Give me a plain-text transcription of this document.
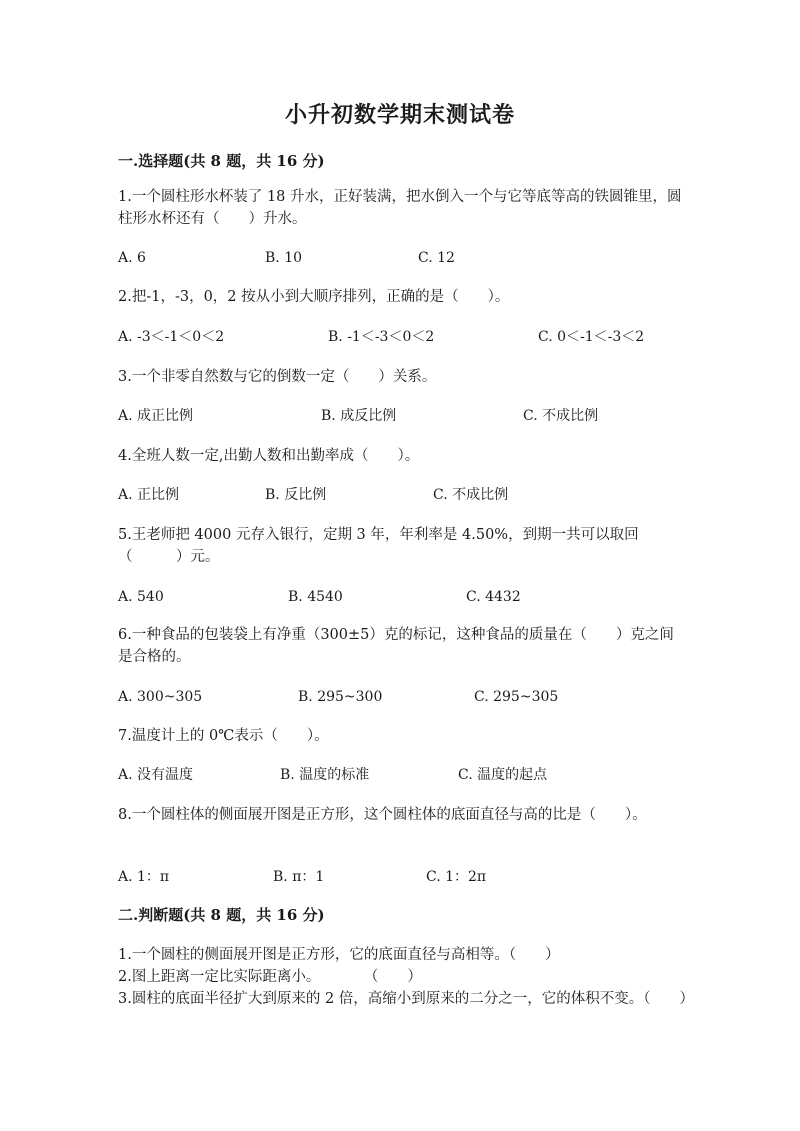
小升初数学期末测试卷
一.选择题(共 8 题，共 16 分)
1.一个圆柱形水杯装了 18 升水，正好装满，把水倒入一个与它等底等高的铁圆锥里，圆柱形水杯还有（　　）升水。
A. 6	B. 10	C. 12
2.把-1，-3，0，2 按从小到大顺序排列，正确的是（　　）。
A. -3＜-1＜0＜2	B. -1＜-3＜0＜2	C. 0＜-1＜-3＜2
3.一个非零自然数与它的倒数一定（　　）关系。
A. 成正比例	B. 成反比例	C. 不成比例
4.全班人数一定,出勤人数和出勤率成（　　）。
A. 正比例	B. 反比例	C. 不成比例
5.王老师把 4000 元存入银行，定期 3 年，年利率是 4.50%，到期一共可以取回（　　　）元。
A. 540	B. 4540	C. 4432
6.一种食品的包装袋上有净重（300±5）克的标记，这种食品的质量在（　　）克之间是合格的。
A. 300~305	B. 295~300	C. 295~305
7.温度计上的 0℃表示（　　）。
A. 没有温度	B. 温度的标准	C. 温度的起点
8.一个圆柱体的侧面展开图是正方形，这个圆柱体的底面直径与高的比是（　　）。
A. 1：π	B. π：1	C. 1：2π
二.判断题(共 8 题，共 16 分)
1.一个圆柱的侧面展开图是正方形，它的底面直径与高相等。（　　）
2.图上距离一定比实际距离小。　　　　（　　）
3.圆柱的底面半径扩大到原来的 2 倍，高缩小到原来的二分之一，它的体积不变。（　　）
